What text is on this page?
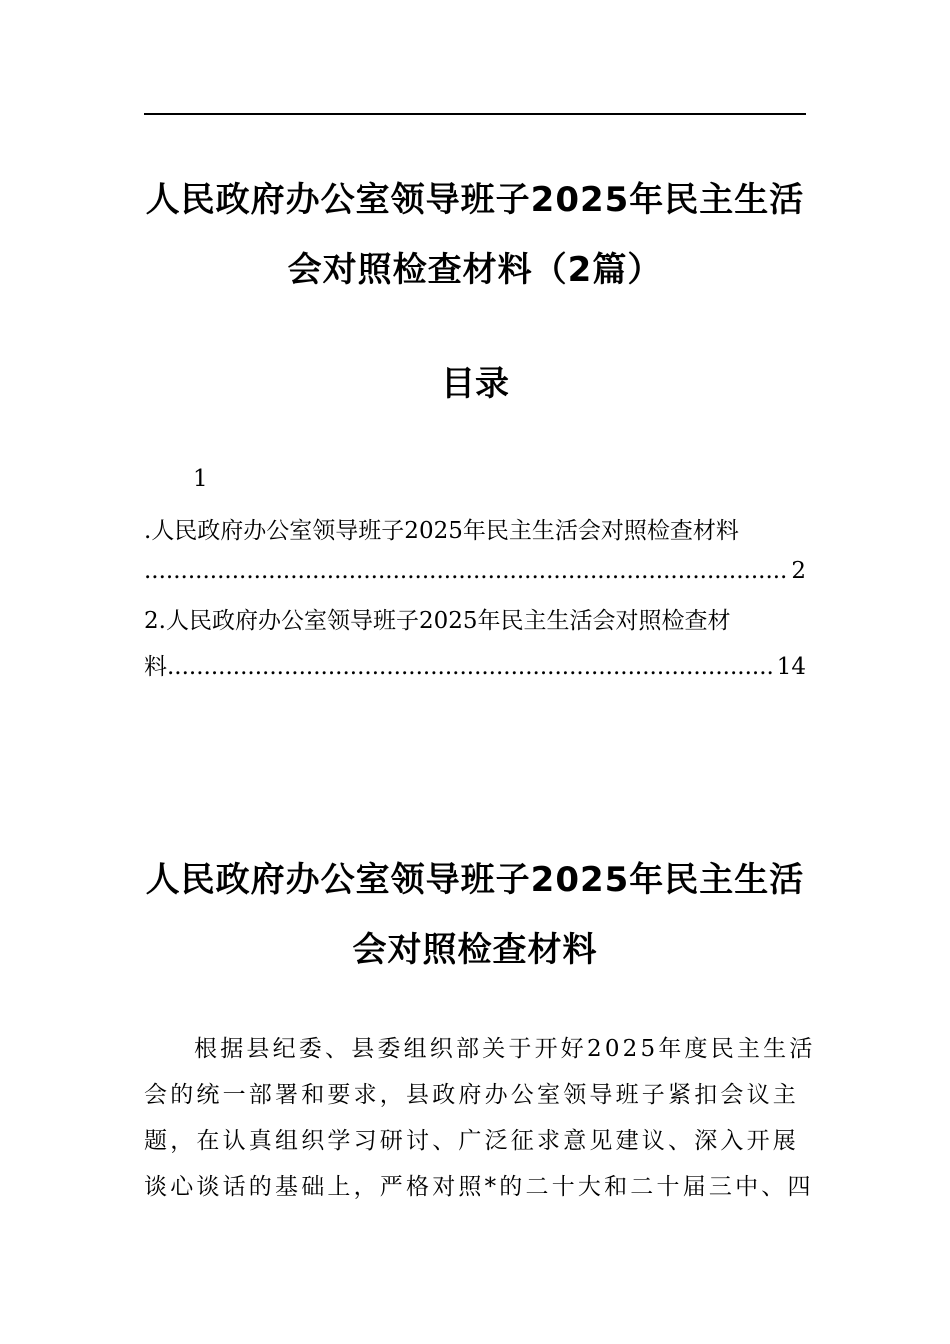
人民政府办公室领导班子2025年民主生活
会对照检查材料（2篇）
目录
1
.人民政府办公室领导班子2025年民主生活会对照检查材料
.....
2
2.人民政府办公室领导班子2025年民主生活会对照检查材
料
.....	14
人民政府办公室领导班子2025年民主生活
会对照检查材料

根据县纪委、县委组织部关于开好2025年度民主生活

会的统一部署和要求，县政府办公室领导班子紧扣会议主

题，在认真组织学习研讨、广泛征求意见建议、深入开展

谈心谈话的基础上，严格对照*的二十大和二十届三中、四
